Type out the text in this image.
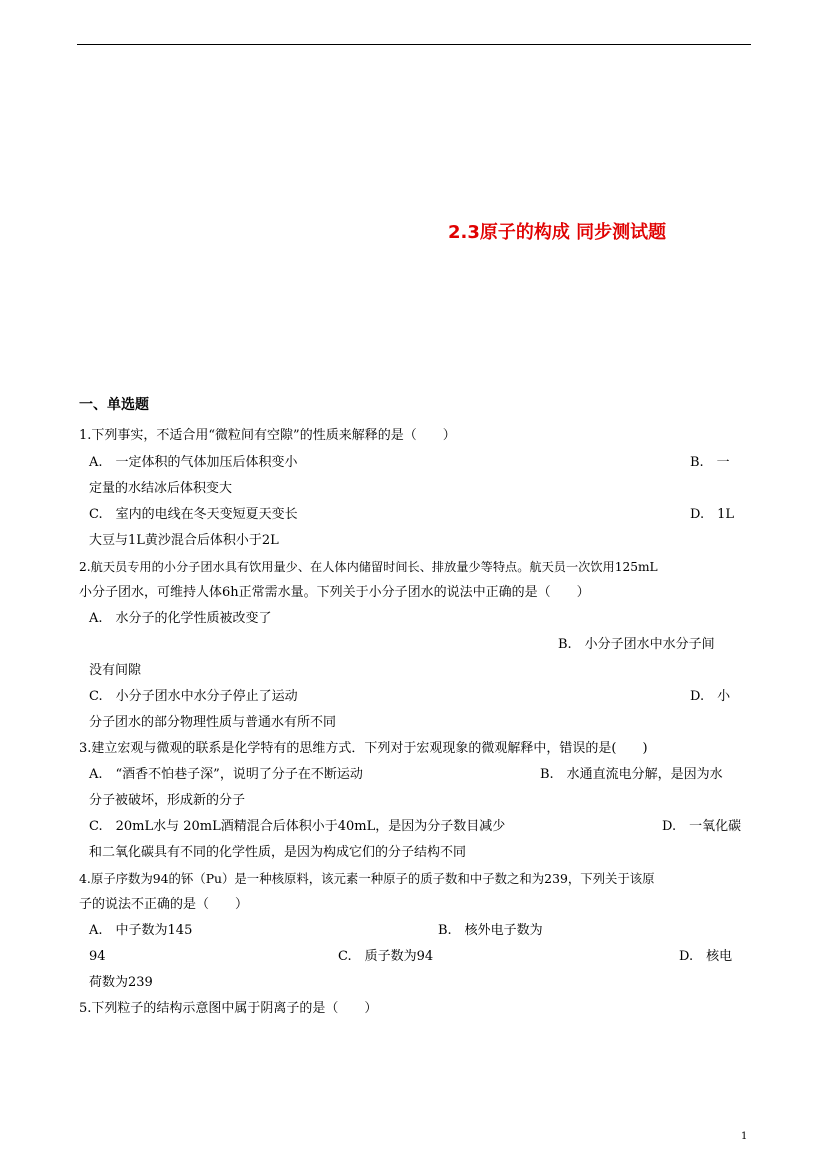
2.3原子的构成 同步测试题
一、单选题
1.下列事实，不适合用“微粒间有空隙”的性质来解释的是（　　）
A.　一定体积的气体加压后体积变小	B.　一
定量的水结冰后体积变大
C.　室内的电线在冬天变短夏天变长	D.　1L
大豆与1L黄沙混合后体积小于2L
2.航天员专用的小分子团水具有饮用量少、在人体内储留时间长、排放量少等特点。航天员一次饮用125mL
小分子团水，可维持人体6h正常需水量。下列关于小分子团水的说法中正确的是（　　）
A.　水分子的化学性质被改变了
B.　小分子团水中水分子间
没有间隙
C.　小分子团水中水分子停止了运动	D.　小
分子团水的部分物理性质与普通水有所不同
3.建立宏观与微观的联系是化学特有的思维方式．下列对于宏观现象的微观解释中，错误的是(　　)
A.　“酒香不怕巷子深”，说明了分子在不断运动	B.　水通直流电分解，是因为水
分子被破坏，形成新的分子
C.　20mL水与 20mL酒精混合后体积小于40mL，是因为分子数目减少	D.　一氧化碳
和二氧化碳具有不同的化学性质，是因为构成它们的分子结构不同
4.原子序数为94的钚（Pu）是一种核原料，该元素一种原子的质子数和中子数之和为239，下列关于该原
子的说法不正确的是（　　）
A.　中子数为145	B.　核外电子数为
94	C.　质子数为94	D.　核电
荷数为239
5.下列粒子的结构示意图中属于阴离子的是（　　）
1
